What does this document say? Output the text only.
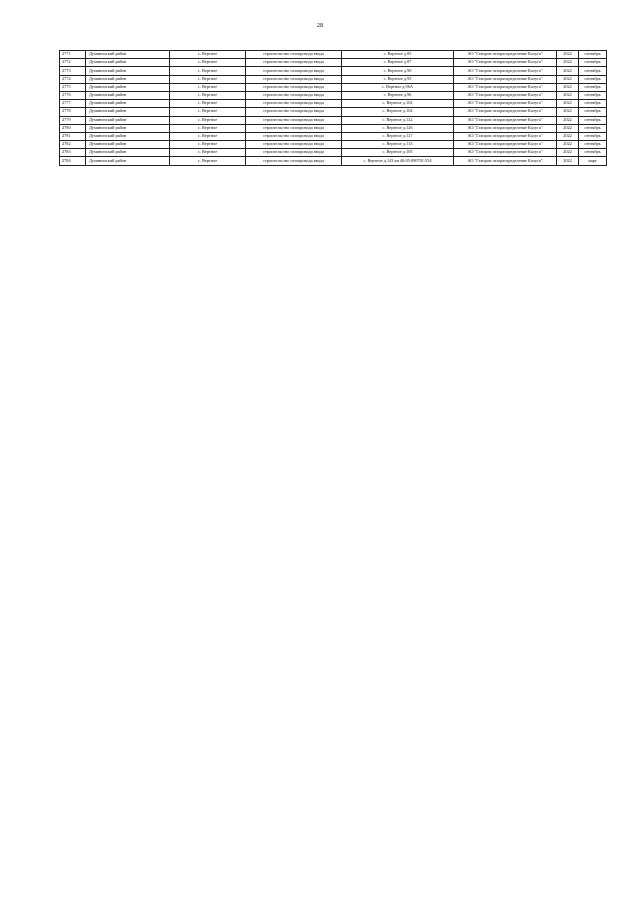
28
2771	Думиничский район	с. Вертное	строительство газопровода ввода	с. Вертное д.85	АО "Газпром газораспределение Калуга"	2022	сентябрь
2772	Думиничский район	с. Вертное	строительство газопровода ввода	с. Вертное д.87	АО "Газпром газораспределение Калуга"	2022	сентябрь
2773	Думиничский район	с. Вертное	строительство газопровода ввода	с. Вертное д.90	АО "Газпром газораспределение Калуга"	2022	сентябрь
2774	Думиничский район	с. Вертное	строительство газопровода ввода	с. Вертное д.95	АО "Газпром газораспределение Калуга"	2022	сентябрь
2775	Думиничский район	с. Вертное	строительство газопровода ввода	с. Вертное д.96А	АО "Газпром газораспределение Калуга"	2022	сентябрь
2776	Думиничский район	с. Вертное	строительство газопровода ввода	с. Вертное д.96	АО "Газпром газораспределение Калуга"	2022	сентябрь
2777	Думиничский район	с. Вертное	строительство газопровода ввода	с. Вертное д.102	АО "Газпром газораспределение Калуга"	2022	сентябрь
2778	Думиничский район	с. Вертное	строительство газопровода ввода	с. Вертное д.104	АО "Газпром газораспределение Калуга"	2022	сентябрь
2779	Думиничский район	с. Вертное	строительство газопровода ввода	с. Вертное д.122	АО "Газпром газораспределение Калуга"	2022	сентябрь
2780	Думиничский район	с. Вертное	строительство газопровода ввода	с. Вертное д.126	АО "Газпром газораспределение Калуга"	2022	сентябрь
2781	Думиничский район	с. Вертное	строительство газопровода ввода	с. Вертное д.127	АО "Газпром газораспределение Калуга"	2022	сентябрь
2782	Думиничский район	с. Вертное	строительство газопровода ввода	с. Вертное д.133	АО "Газпром газораспределение Калуга"	2022	сентябрь
2783	Думиничский район	с. Вертное	строительство газопровода ввода	с. Вертное д.105	АО "Газпром газораспределение Калуга"	2022	сентябрь
2784	Думиничский район	с. Вертное	строительство газопровода ввода	с. Вертное д.143 кн 40:05:090701:554	АО "Газпром газораспределение Калуга"	2022	март
